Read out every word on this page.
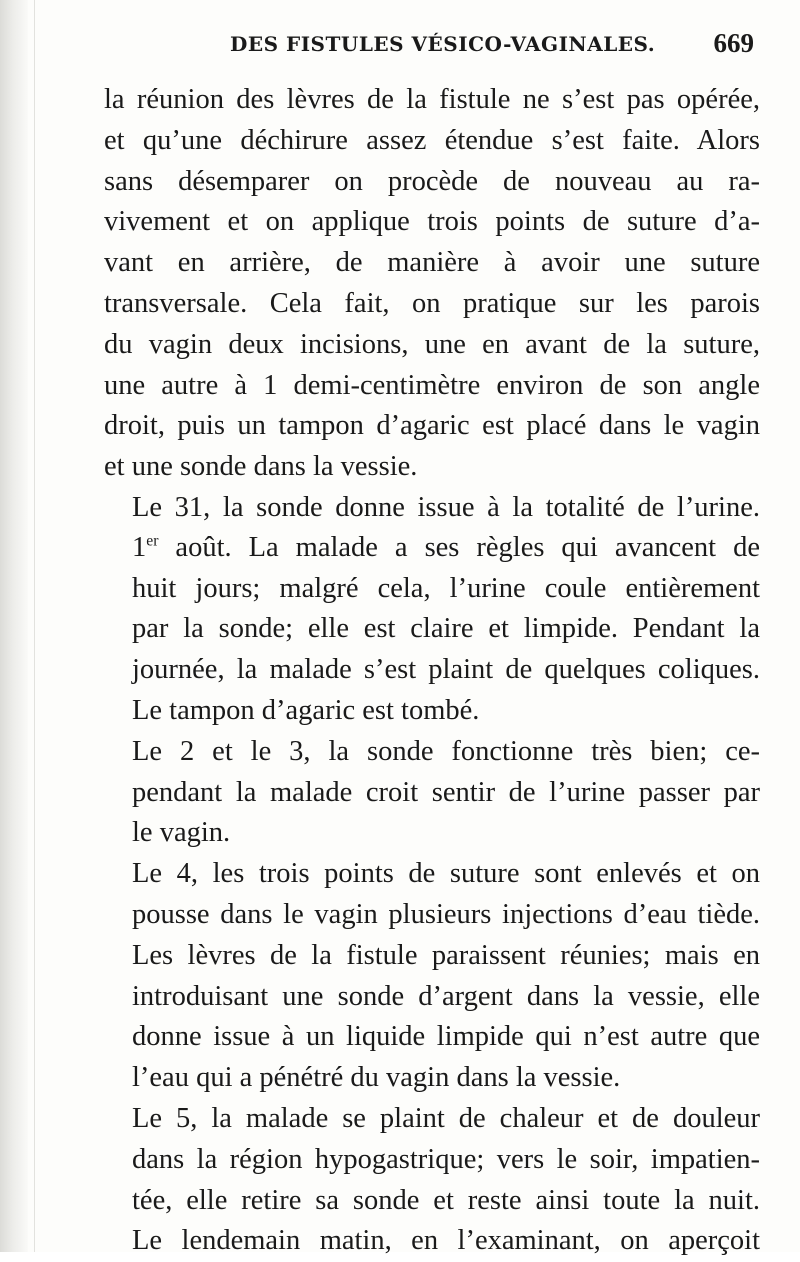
DES FISTULES VÉSICO-VAGINALES. 669

la réunion des lèvres de la fistule ne s’est pas opérée,
et qu’une déchirure assez étendue s’est faite. Alors
sans désemparer on procède de nouveau au ra-
vivement et on applique trois points de suture d’a-
vant en arrière, de manière à avoir une suture
transversale. Cela fait, on pratique sur les parois
du vagin deux incisions, une en avant de la suture,
une autre à 1 demi-centimètre environ de son angle
droit, puis un tampon d’agaric est placé dans le vagin
et une sonde dans la vessie.

Le 31, la sonde donne issue à la totalité de l’urine.

1er août. La malade a ses règles qui avancent de
huit jours; malgré cela, l’urine coule entièrement
par la sonde; elle est claire et limpide. Pendant la
journée, la malade s’est plaint de quelques coliques.
Le tampon d’agaric est tombé.

Le 2 et le 3, la sonde fonctionne très bien; ce-
pendant la malade croit sentir de l’urine passer par
le vagin.

Le 4, les trois points de suture sont enlevés et on
pousse dans le vagin plusieurs injections d’eau tiède.
Les lèvres de la fistule paraissent réunies; mais en
introduisant une sonde d’argent dans la vessie, elle
donne issue à un liquide limpide qui n’est autre que
l’eau qui a pénétré du vagin dans la vessie.

Le 5, la malade se plaint de chaleur et de douleur
dans la région hypogastrique; vers le soir, impatien-
tée, elle retire sa sonde et reste ainsi toute la nuit.
Le lendemain matin, en l’examinant, on aperçoit
